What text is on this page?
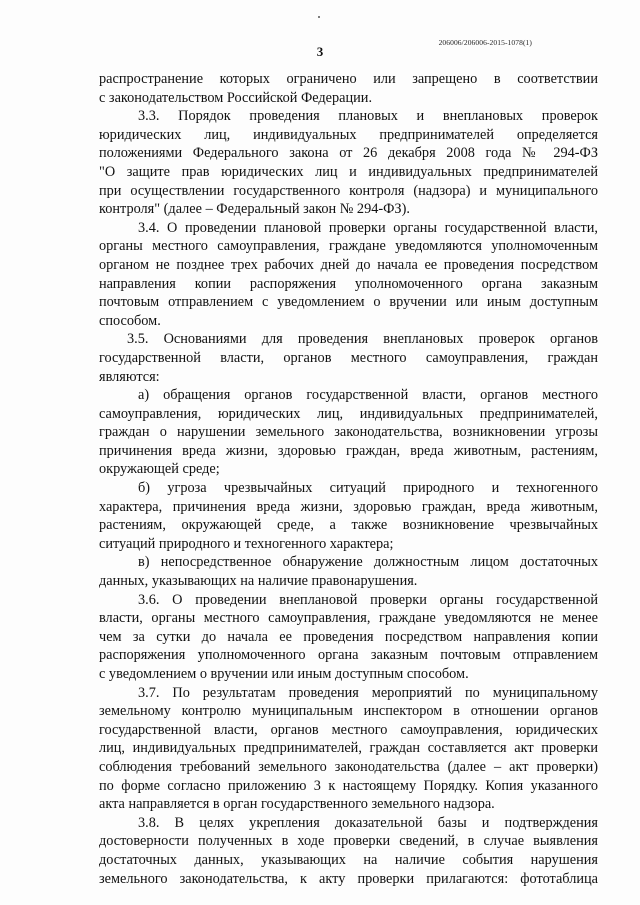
206006/206006-2015-1078(1)
3
распространение которых ограничено или запрещено в соответствии
с законодательством Российской Федерации.
3.3. Порядок проведения плановых и внеплановых проверок
юридических лиц, индивидуальных предпринимателей определяется
положениями Федерального закона от 26 декабря 2008 года № 294-ФЗ
"О защите прав юридических лиц и индивидуальных предпринимателей
при осуществлении государственного контроля (надзора) и муниципального
контроля" (далее – Федеральный закон № 294-ФЗ).
3.4. О проведении плановой проверки органы государственной власти,
органы местного самоуправления, граждане уведомляются уполномоченным
органом не позднее трех рабочих дней до начала ее проведения посредством
направления копии распоряжения уполномоченного органа заказным
почтовым отправлением с уведомлением о вручении или иным доступным
способом.
3.5. Основаниями для проведения внеплановых проверок органов
государственной власти, органов местного самоуправления, граждан
являются:
а) обращения органов государственной власти, органов местного
самоуправления, юридических лиц, индивидуальных предпринимателей,
граждан о нарушении земельного законодательства, возникновении угрозы
причинения вреда жизни, здоровью граждан, вреда животным, растениям,
окружающей среде;
б) угроза чрезвычайных ситуаций природного и техногенного
характера, причинения вреда жизни, здоровью граждан, вреда животным,
растениям, окружающей среде, а также возникновение чрезвычайных
ситуаций природного и техногенного характера;
в) непосредственное обнаружение должностным лицом достаточных
данных, указывающих на наличие правонарушения.
3.6. О проведении внеплановой проверки органы государственной
власти, органы местного самоуправления, граждане уведомляются не менее
чем за сутки до начала ее проведения посредством направления копии
распоряжения уполномоченного органа заказным почтовым отправлением
с уведомлением о вручении или иным доступным способом.
3.7. По результатам проведения мероприятий по муниципальному
земельному контролю муниципальным инспектором в отношении органов
государственной власти, органов местного самоуправления, юридических
лиц, индивидуальных предпринимателей, граждан составляется акт проверки
соблюдения требований земельного законодательства (далее – акт проверки)
по форме согласно приложению 3 к настоящему Порядку. Копия указанного
акта направляется в орган государственного земельного надзора.
3.8. В целях укрепления доказательной базы и подтверждения
достоверности полученных в ходе проверки сведений, в случае выявления
достаточных данных, указывающих на наличие события нарушения
земельного законодательства, к акту проверки прилагаются: фототаблица
